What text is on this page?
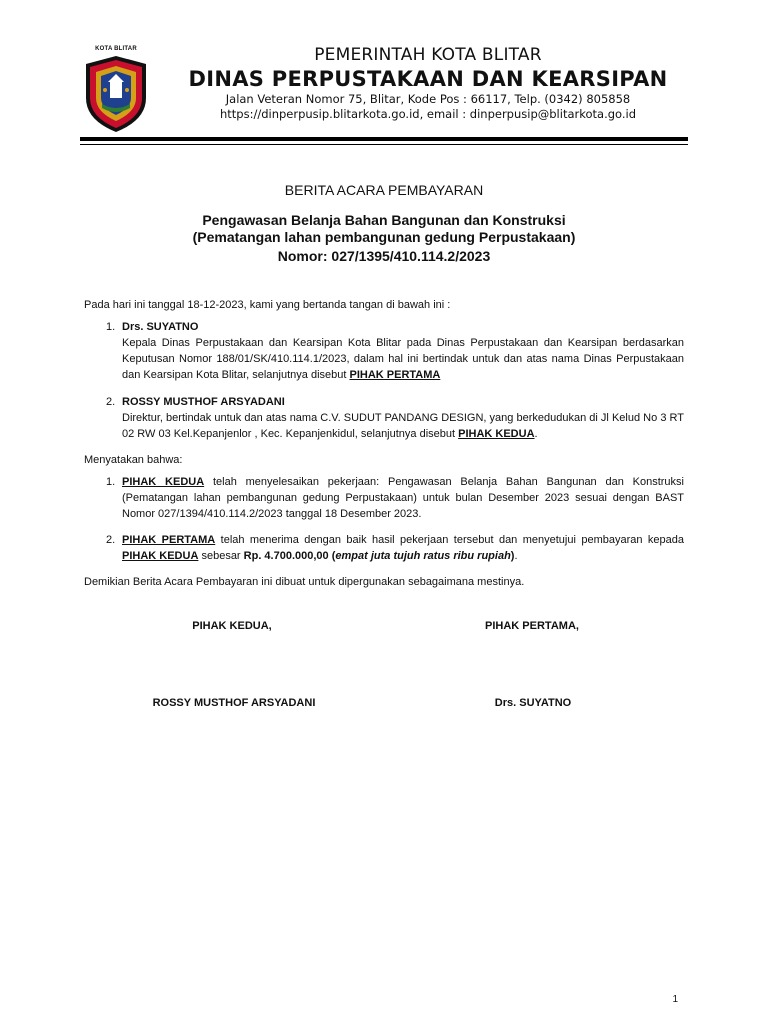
KOTA BLITAR	PEMERINTAH KOTA BLITAR
DINAS PERPUSTAKAAN DAN KEARSIPAN
Jalan Veteran Nomor 75, Blitar, Kode Pos : 66117, Telp. (0342) 805858
https://dinperpusip.blitarkota.go.id, email : dinperpusip@blitarkota.go.id
BERITA ACARA PEMBAYARAN
Pengawasan Belanja Bahan Bangunan dan Konstruksi
(Pematangan lahan pembangunan gedung Perpustakaan)
Nomor: 027/1395/410.114.2/2023

Pada hari ini tanggal 18-12-2023, kami yang bertanda tangan di bawah ini :

1. Drs. SUYATNO
Kepala Dinas Perpustakaan dan Kearsipan Kota Blitar pada Dinas Perpustakaan dan Kearsipan berdasarkan Keputusan Nomor 188/01/SK/410.114.1/2023, dalam hal ini bertindak untuk dan atas nama Dinas Perpustakaan dan Kearsipan Kota Blitar, selanjutnya disebut PIHAK PERTAMA
2. ROSSY MUSTHOF ARSYADANI
Direktur, bertindak untuk dan atas nama C.V. SUDUT PANDANG DESIGN, yang berkedudukan di Jl Kelud No 3 RT 02 RW 03 Kel.Kepanjenlor , Kec. Kepanjenkidul, selanjutnya disebut PIHAK KEDUA.

Menyatakan bahwa:

1. PIHAK KEDUA telah menyelesaikan pekerjaan: Pengawasan Belanja Bahan Bangunan dan Konstruksi (Pematangan lahan pembangunan gedung Perpustakaan) untuk bulan Desember 2023 sesuai dengan BAST Nomor 027/1394/410.114.2/2023 tanggal 18 Desember 2023.
2. PIHAK PERTAMA telah menerima dengan baik hasil pekerjaan tersebut dan menyetujui pembayaran kepada PIHAK KEDUA sebesar Rp. 4.700.000,00 (empat juta tujuh ratus ribu rupiah).

Demikian Berita Acara Pembayaran ini dibuat untuk dipergunakan sebagaimana mestinya.

PIHAK KEDUA,	PIHAK PERTAMA,
ROSSY MUSTHOF ARSYADANI	Drs. SUYATNO
1
